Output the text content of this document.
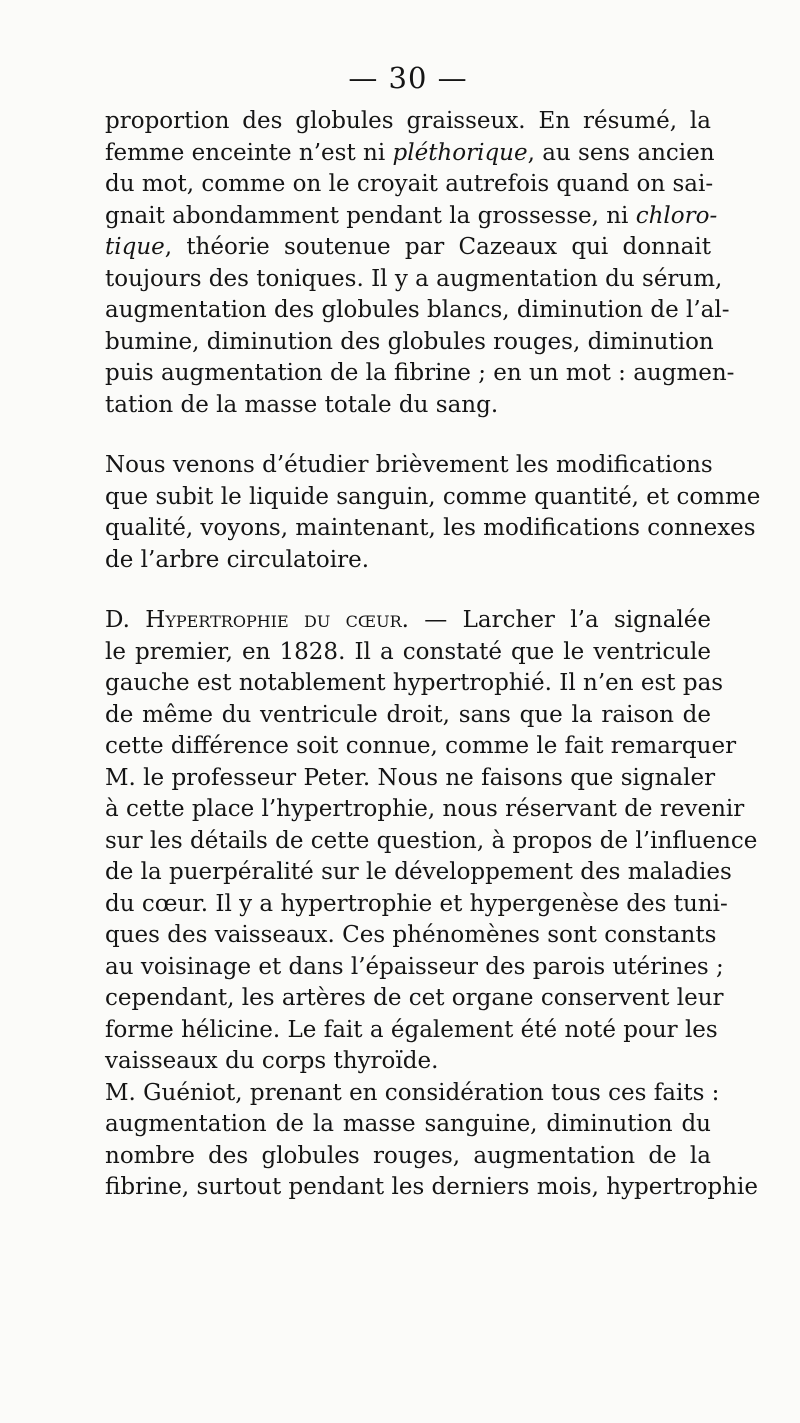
— 30 —
proportion des globules graisseux. En résumé, la
femme enceinte n’est ni pléthorique, au sens ancien
du mot, comme on le croyait autrefois quand on sai-
gnait abondamment pendant la grossesse, ni chloro-
tique, théorie soutenue par Cazeaux qui donnait
toujours des toniques. Il y a augmentation du sérum,
augmentation des globules blancs, diminution de l’al-
bumine, diminution des globules rouges, diminution
puis augmentation de la fibrine ; en un mot : augmen-
tation de la masse totale du sang.
Nous venons d’étudier brièvement les modifications
que subit le liquide sanguin, comme quantité, et comme
qualité, voyons, maintenant, les modifications connexes
de l’arbre circulatoire.
D. Hypertrophie du cœur. — Larcher l’a signalée
le premier, en 1828. Il a constaté que le ventricule
gauche est notablement hypertrophié. Il n’en est pas
de même du ventricule droit, sans que la raison de
cette différence soit connue, comme le fait remarquer
M. le professeur Peter. Nous ne faisons que signaler
à cette place l’hypertrophie, nous réservant de revenir
sur les détails de cette question, à propos de l’influence
de la puerpéralité sur le développement des maladies
du cœur. Il y a hypertrophie et hypergenèse des tuni-
ques des vaisseaux. Ces phénomènes sont constants
au voisinage et dans l’épaisseur des parois utérines ;
cependant, les artères de cet organe conservent leur
forme hélicine. Le fait a également été noté pour les
vaisseaux du corps thyroïde.
M. Guéniot, prenant en considération tous ces faits :
augmentation de la masse sanguine, diminution du
nombre des globules rouges, augmentation de la
fibrine, surtout pendant les derniers mois, hypertrophie
